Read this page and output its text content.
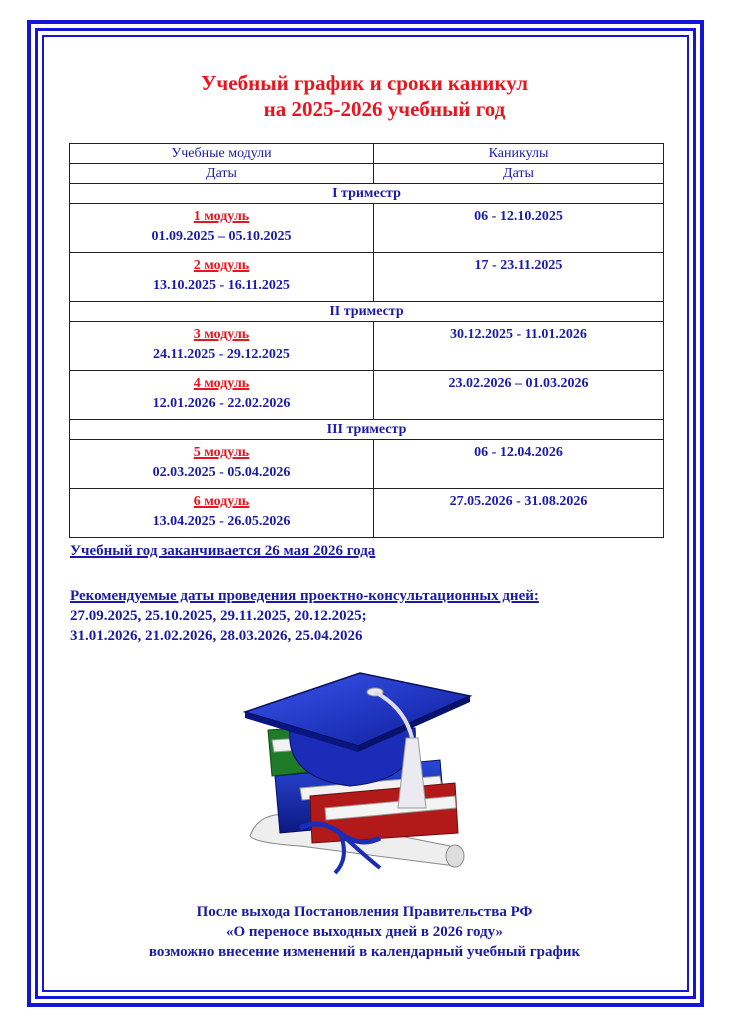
Учебный график и сроки каникул
на 2025-2026 учебный год
Учебные модули	Каникулы
Даты	Даты
I триместр	

1 модуль
01.09.2025 – 05.10.2025	06 - 12.10.2025

2 модуль
13.10.2025 - 16.11.2025	17 - 23.11.2025
II триместр	

3 модуль
24.11.2025 - 29.12.2025	30.12.2025 - 11.01.2026

4 модуль
12.01.2026 - 22.02.2026	23.02.2026 – 01.03.2026
III триместр	

5 модуль
02.03.2025 - 05.04.2026	06 - 12.04.2026

6 модуль
13.04.2025 - 26.05.2026	27.05.2026 - 31.08.2026
Учебный год заканчивается 26 мая 2026 года
Рекомендуемые даты проведения проектно-консультационных дней:
27.09.2025, 25.10.2025, 29.11.2025, 20.12.2025;
31.01.2026, 21.02.2026, 28.03.2026, 25.04.2026
После выхода Постановления Правительства РФ
«О переносе выходных дней в 2026 году»
возможно внесение изменений в календарный учебный график
